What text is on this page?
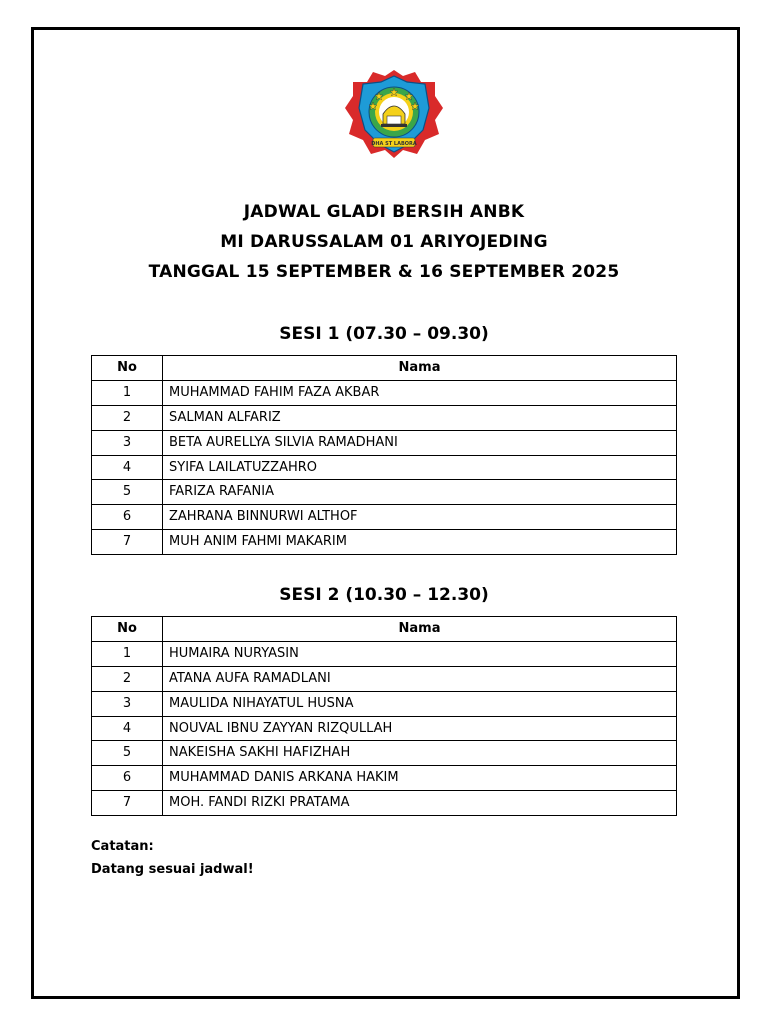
DHA ST LABORA
JADWAL GLADI BERSIH ANBK
MI DARUSSALAM 01 ARIYOJEDING
TANGGAL 15 SEPTEMBER & 16 SEPTEMBER 2025
SESI 1 (07.30 – 09.30)
No	Nama
1	MUHAMMAD FAHIM FAZA AKBAR
2	SALMAN ALFARIZ
3	BETA AURELLYA SILVIA RAMADHANI
4	SYIFA LAILATUZZAHRO
5	FARIZA RAFANIA
6	ZAHRANA BINNURWI ALTHOF
7	MUH ANIM FAHMI MAKARIM
SESI 2 (10.30 – 12.30)
No	Nama
1	HUMAIRA NURYASIN
2	ATANA AUFA RAMADLANI
3	MAULIDA NIHAYATUL HUSNA
4	NOUVAL IBNU ZAYYAN RIZQULLAH
5	NAKEISHA SAKHI HAFIZHAH
6	MUHAMMAD DANIS ARKANA HAKIM
7	MOH. FANDI RIZKI PRATAMA
Catatan:
Datang sesuai jadwal!
